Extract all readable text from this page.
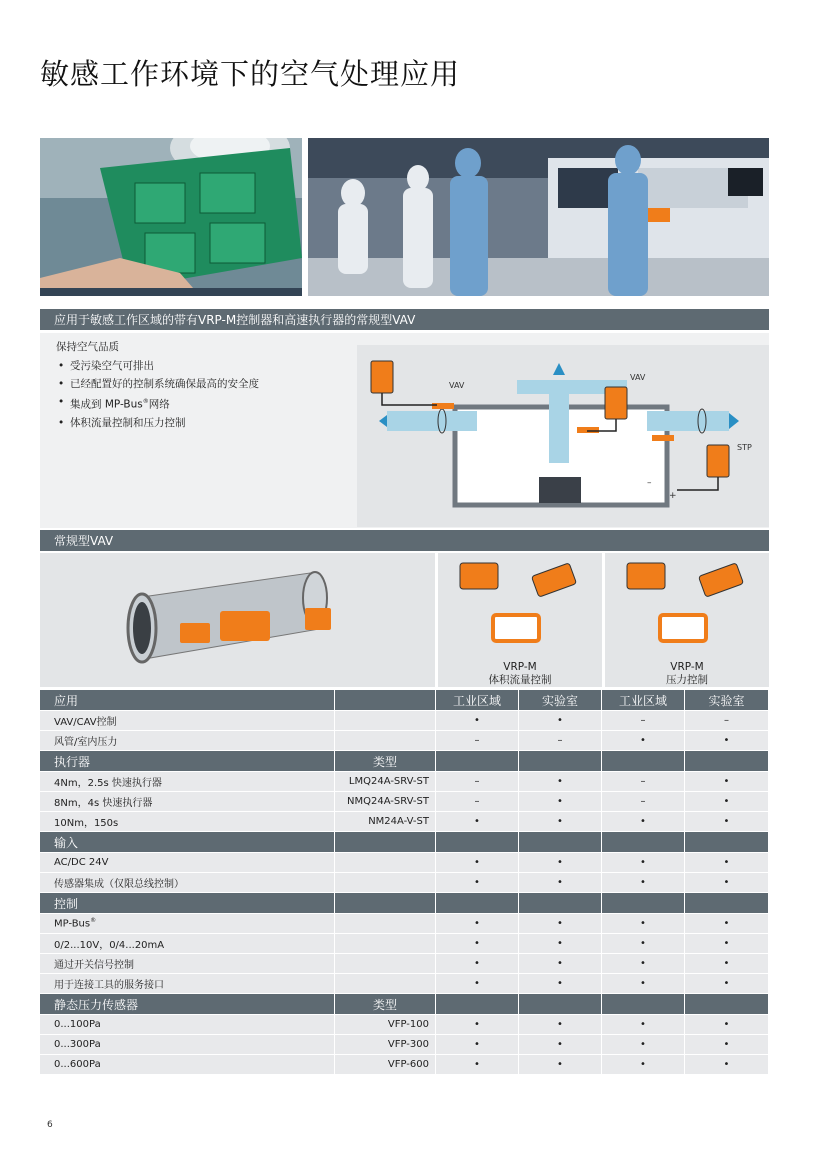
敏感工作环境下的空气处理应用
应用于敏感工作区域的带有VRP-M控制器和高速执行器的常规型VAV
保持空气品质
• 受污染空气可排出
• 已经配置好的控制系统确保最高的安全度
• 集成到 MP-Bus®网络
• 体积流量控制和压力控制
VAV
VAV
STP
–
+
常规型VAV
VRP-M
体积流量控制
VRP-M
压力控制
应用		工业区域	实验室	工业区域	实验室
VAV/CAV控制		•	•	–	–
风管/室内压力		–	–	•	•
执行器	类型				
4Nm，2.5s 快速执行器	LMQ24A-SRV-ST	–	•	–	•
8Nm，4s 快速执行器	NMQ24A-SRV-ST	–	•	–	•
10Nm，150s	NM24A-V-ST	•	•	•	•
输入					
AC/DC 24V		•	•	•	•
传感器集成（仅限总线控制）		•	•	•	•
控制					
MP-Bus®		•	•	•	•
0/2...10V，0/4...20mA		•	•	•	•
通过开关信号控制		•	•	•	•
用于连接工具的服务接口		•	•	•	•
静态压力传感器	类型				
0...100Pa	VFP-100	•	•	•	•
0...300Pa	VFP-300	•	•	•	•
0...600Pa	VFP-600	•	•	•	•
6
